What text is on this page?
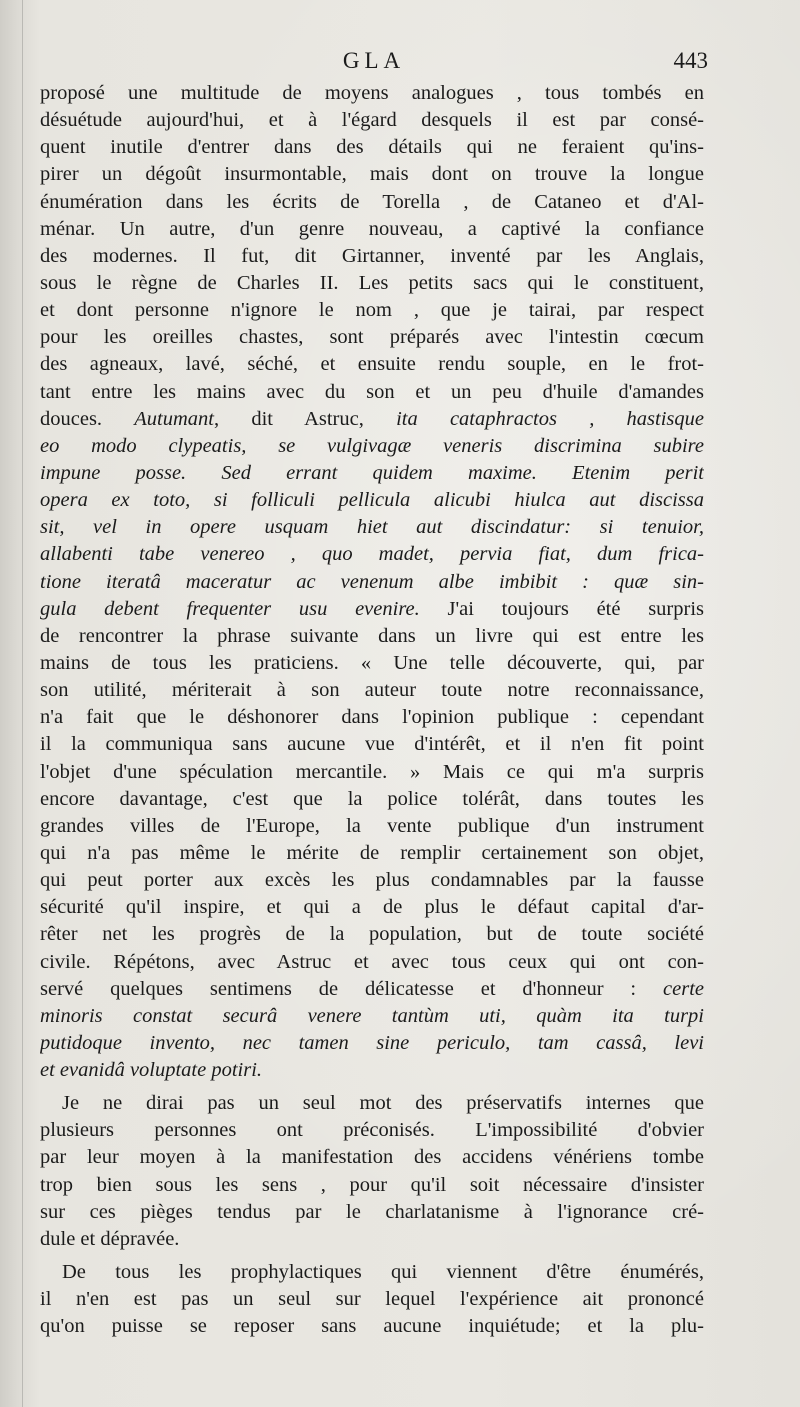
GLA	443
proposé une multitude de moyens analogues , tous tombés en
désuétude aujourd'hui, et à l'égard desquels il est par consé-
quent inutile d'entrer dans des détails qui ne feraient qu'ins-
pirer un dégoût insurmontable, mais dont on trouve la longue
énumération dans les écrits de Torella , de Cataneo et d'Al-
ménar. Un autre, d'un genre nouveau, a captivé la confiance
des modernes. Il fut, dit Girtanner, inventé par les Anglais,
sous le règne de Charles II. Les petits sacs qui le constituent,
et dont personne n'ignore le nom , que je tairai, par respect
pour les oreilles chastes, sont préparés avec l'intestin cœcum
des agneaux, lavé, séché, et ensuite rendu souple, en le frot-
tant entre les mains avec du son et un peu d'huile d'amandes
douces. Autumant, dit Astruc, ita cataphractos , hastisque
eo modo clypeatis, se vulgivagæ veneris discrimina subire
impune posse. Sed errant quidem maxime. Etenim perit
opera ex toto, si folliculi pellicula alicubi hiulca aut discissa
sit, vel in opere usquam hiet aut discindatur: si tenuior,
allabenti tabe venereo , quo madet, pervia fiat, dum frica-
tione iteratâ maceratur ac venenum albe imbibit : quæ sin-
gula debent frequenter usu evenire. J'ai toujours été surpris
de rencontrer la phrase suivante dans un livre qui est entre les
mains de tous les praticiens. « Une telle découverte, qui, par
son utilité, mériterait à son auteur toute notre reconnaissance,
n'a fait que le déshonorer dans l'opinion publique : cependant
il la communiqua sans aucune vue d'intérêt, et il n'en fit point
l'objet d'une spéculation mercantile. » Mais ce qui m'a surpris
encore davantage, c'est que la police tolérât, dans toutes les
grandes villes de l'Europe, la vente publique d'un instrument
qui n'a pas même le mérite de remplir certainement son objet,
qui peut porter aux excès les plus condamnables par la fausse
sécurité qu'il inspire, et qui a de plus le défaut capital d'ar-
rêter net les progrès de la population, but de toute société
civile. Répétons, avec Astruc et avec tous ceux qui ont con-
servé quelques sentimens de délicatesse et d'honneur : certe
minoris constat securâ venere tantùm uti, quàm ita turpi
putidoque invento, nec tamen sine periculo, tam cassâ, levi
et evanidâ voluptate potiri.
Je ne dirai pas un seul mot des préservatifs internes que
plusieurs personnes ont préconisés. L'impossibilité d'obvier
par leur moyen à la manifestation des accidens vénériens tombe
trop bien sous les sens , pour qu'il soit nécessaire d'insister
sur ces pièges tendus par le charlatanisme à l'ignorance cré-
dule et dépravée.
De tous les prophylactiques qui viennent d'être énumérés,
il n'en est pas un seul sur lequel l'expérience ait prononcé
qu'on puisse se reposer sans aucune inquiétude; et la plu-
